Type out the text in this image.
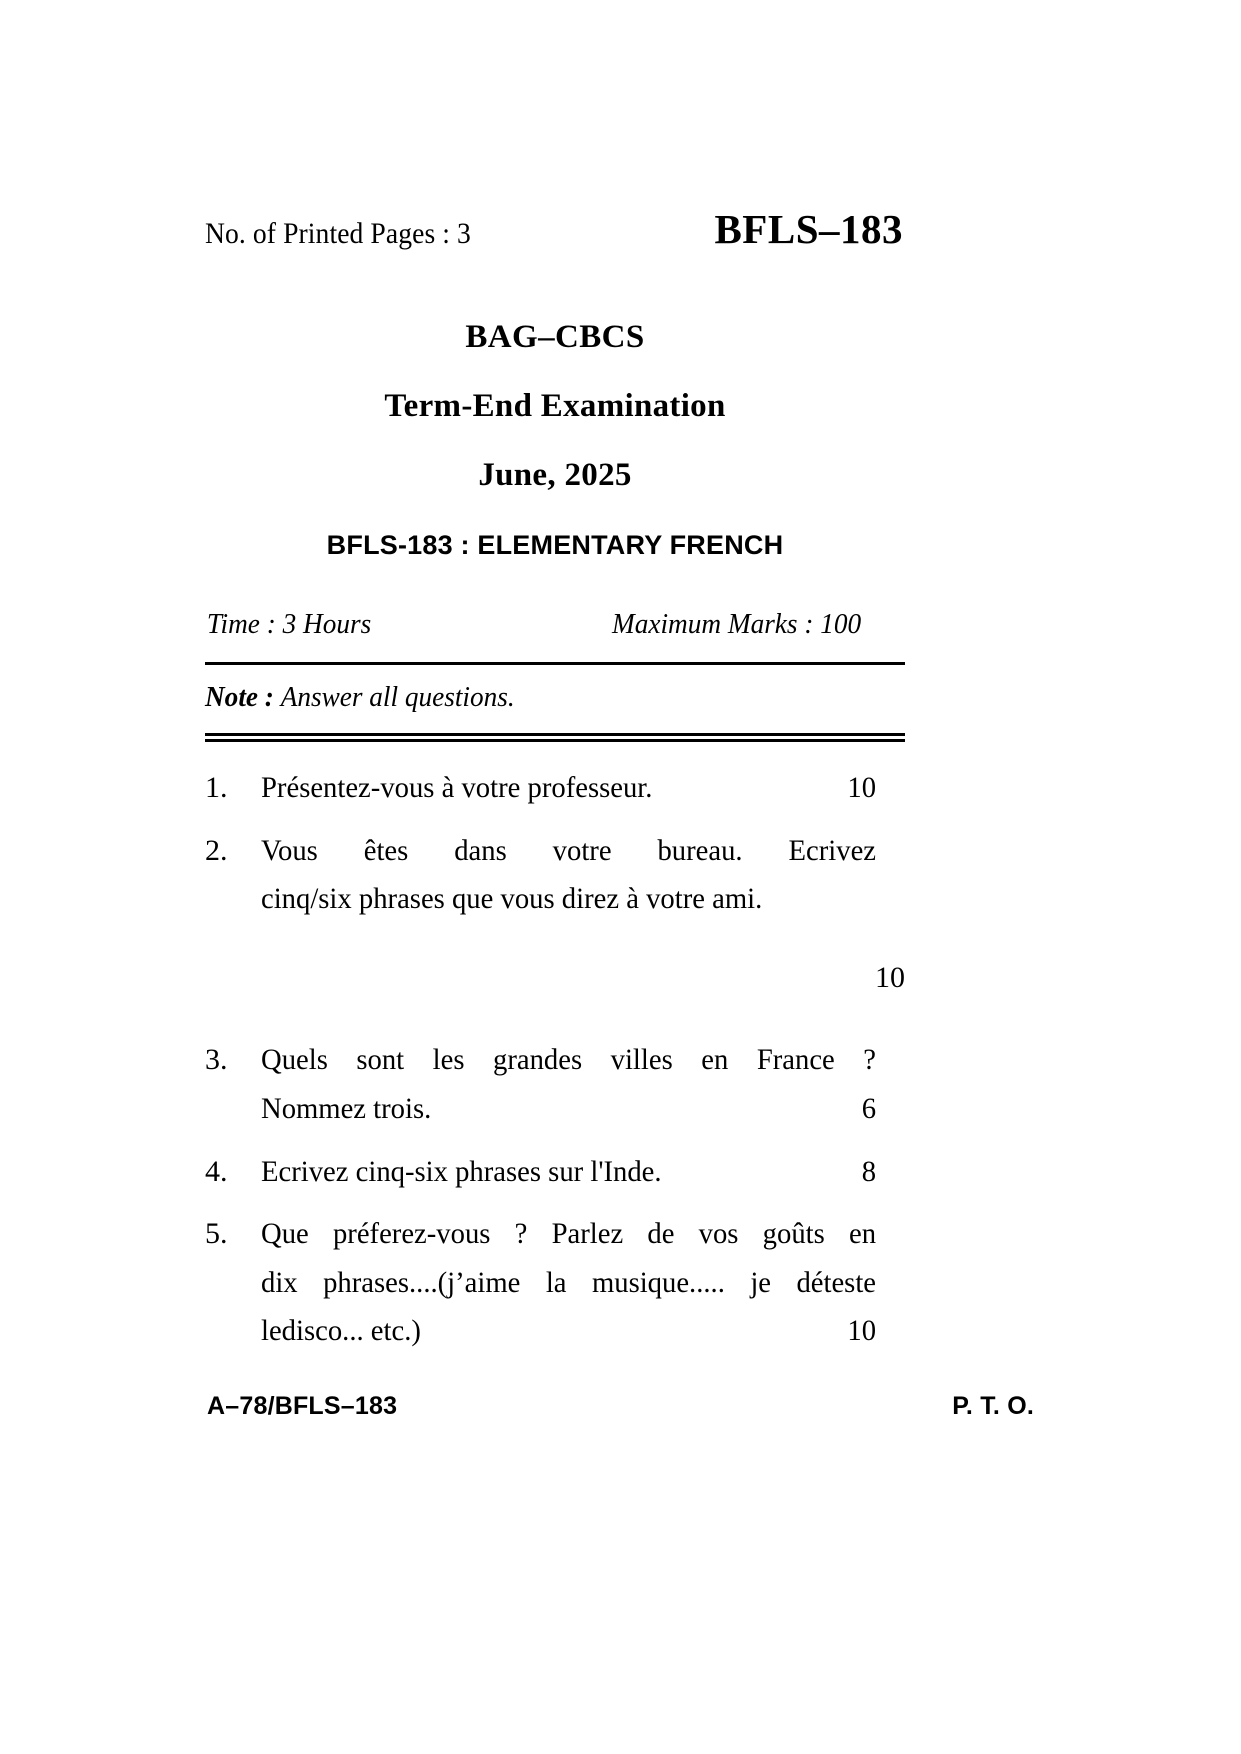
No. of Printed Pages : 3	BFLS–183
BAG–CBCS
Term-End Examination
June, 2025
BFLS-183 : ELEMENTARY FRENCH
Time : 3 Hours	Maximum Marks : 100
Note : Answer all questions.
1.	Présentez-vous à votre professeur.	10
2.	Vous êtes dans votre bureau. Ecrivez
cinq/six phrases que vous direz à votre ami.
10
3.	Quels sont les grandes villes en France ?
Nommez trois.	6
4.	Ecrivez cinq-six phrases sur l'Inde.	8
5.	Que préferez-vous ? Parlez de vos goûts en
dix phrases....(j’aime la musique..... je déteste
ledisco... etc.)	10
A–78/BFLS–183	P. T. O.
